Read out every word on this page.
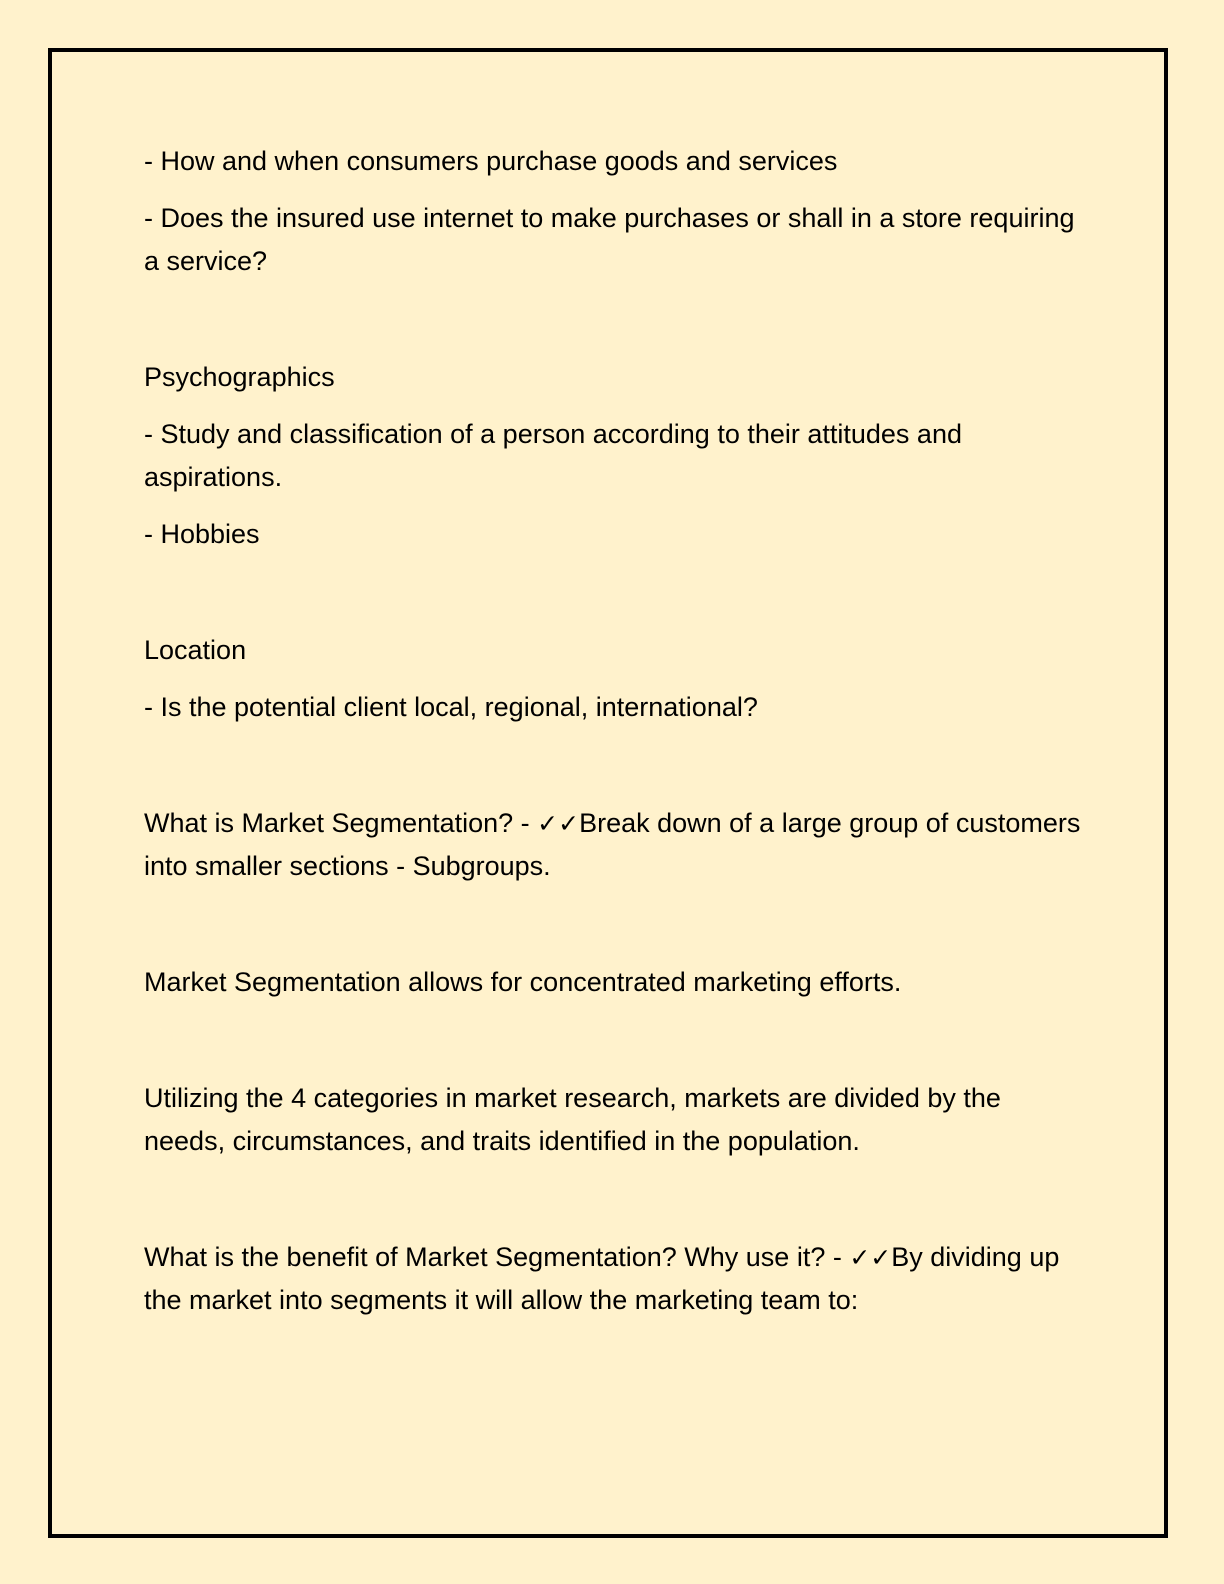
- How and when consumers purchase goods and services

- Does the insured use internet to make purchases or shall in a store requiring a service?

Psychographics

- Study and classification of a person according to their attitudes and aspirations.

- Hobbies

Location

- Is the potential client local, regional, international?

What is Market Segmentation? - ✓✓Break down of a large group of customers into smaller sections - Subgroups.

Market Segmentation allows for concentrated marketing efforts.

Utilizing the 4 categories in market research, markets are divided by the needs, circumstances, and traits identified in the population.

What is the benefit of Market Segmentation? Why use it? - ✓✓By dividing up the market into segments it will allow the marketing team to:
